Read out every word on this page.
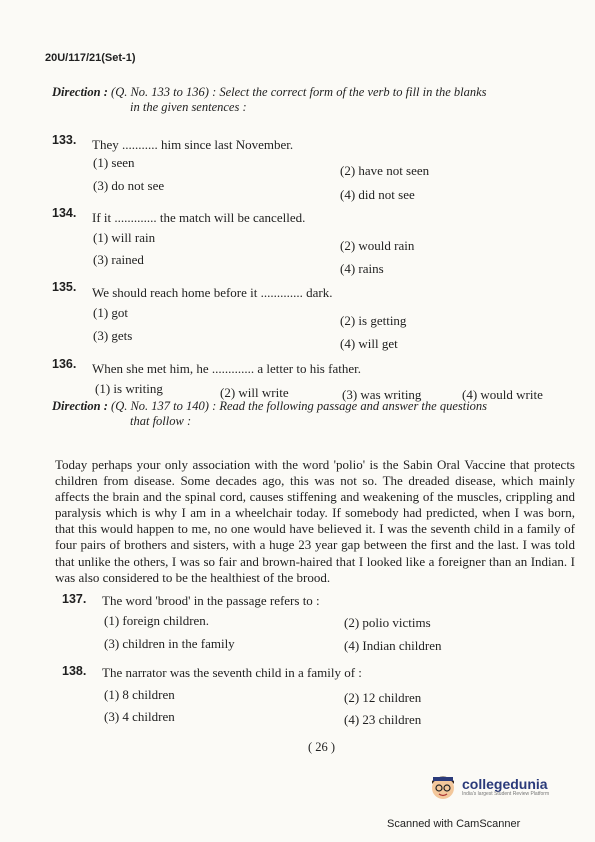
20U/117/21(Set-1)
Direction : (Q. No. 133 to 136) : Select the correct form of the verb to fill in the blanks
in the given sentences :
133. They ........... him since last November.
(1) seen
(2) have not seen
(3) do not see
(4) did not see
134. If it ............. the match will be cancelled.
(1) will rain
(2) would rain
(3) rained
(4) rains
135. We should reach home before it ............. dark.
(1) got
(2) is getting
(3) gets
(4) will get
136. When she met him, he ............. a letter to his father.
(1) is writing	(2) will write	(3) was writing	(4) would write
Direction : (Q. No. 137 to 140) : Read the following passage and answer the questions
that follow :
Today perhaps your only association with the word 'polio' is the Sabin Oral Vaccine that protects children from disease. Some decades ago, this was not so. The dreaded disease, which mainly affects the brain and the spinal cord, causes stiffening and weakening of the muscles, crippling and paralysis which is why I am in a wheelchair today. If somebody had predicted, when I was born, that this would happen to me, no one would have believed it. I was the seventh child in a family of four pairs of brothers and sisters, with a huge 23 year gap between the first and the last. I was told that unlike the others, I was so fair and brown-haired that I looked like a foreigner than an Indian. I was also considered to be the healthiest of the brood.
137. The word 'brood' in the passage refers to :
(1) foreign children.	(2) polio victims
(3) children in the family	(4) Indian children
138. The narrator was the seventh child in a family of :
(1) 8 children	(2) 12 children
(3) 4 children	(4) 23 children
( 26 )
collegedunia
India's largest Student Review Platform
Scanned with CamScanner
